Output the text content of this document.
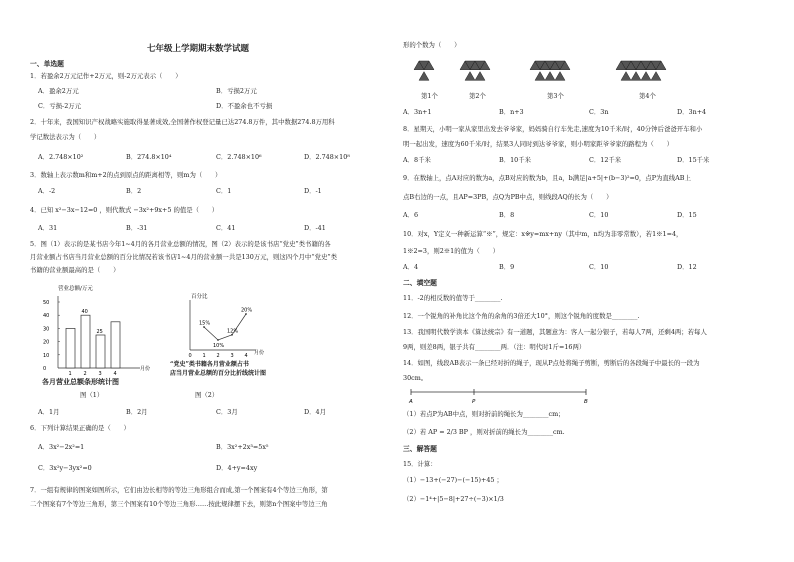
七年级上学期期末数学试题
一、单选题
1．若盈余2万元记作+2万元，则-2万元表示（　　）
A．盈余2万元	B．亏损2万元
C．亏损-2万元	D．不盈余也不亏损
2．十年来，我国知识产权战略实施取得显著成效,全国著作权登记量已达274.8万件，其中数据274.8万用科
学记数法表示为（　　）
A．2.748×10²	B．274.8×10⁴	C．2.748×10⁶	D．2.748×10⁸
3．数轴上表示数m和m+2的点到原点的距离相等，则m为（　　）
A．-2	B．2	C．1	D．-1
4．已知 x²−3x−12=0 ，则代数式 −3x²+9x+5 的值是（　　）
A．31	B．-31	C．41	D．-41
5．图（1）表示的是某书店今年1~4月的各月营业总额的情况，图（2）表示的是该书店“党史”类书籍的各
月营业额占书店当月营业总额的百分比情况若该书店1~4月的营业额一共是130万元，则这四个月中“党史”类
书籍的营业额最高的是（　　）
营业总额/万元
月份
50
40
30
20
10
0
1 2
40
3
25
4
各月营业总额条形统计图
图（1）
百分比
月份
0 1 2 3 4
15%
10%
12%
20%
“党史”类书籍各月营业额占书
店当月营业总额的百分比折线统计图
图（2）
A．1月	B．2月	C．3月	D．4月
6．下列计算结果正确的是（　　）
A．3x²−2x²=1	B．3x²+2x³=5x⁵
C．3x²y−3yx²=0	D．4+y=4xy
7．一组有规律的图案如图所示，它们由边长相等的等边三角形组合而成,第一个图案有4个等边三角形，第
二个图案有7个等边三角形，第三个图案有10个等边三角形……按此规律摆下去，则第n个图案中等边三角
形的个数为（　　）
第1个	第2个	第3个	第4个
A．3n+1	B．n+3	C．3n	D．3n+4
8．星期天，小明一家从家里出发去爷爷家，妈妈骑自行车先走,速度为10千米/时，40分钟后爸爸开车和小
明一起出发，速度为60千米/时，结果3人同时到达爷爷家，则小明家距爷爷家的路程为（　　）
A．8千米	B．10千米	C．12千米	D．15千米
9．在数轴上，点A对应的数为a，点B对应的数为b，且a，b满足|a+5|+(b−3)²=0，点P为直线AB上
点B右边的一点，且AP=3PB，点Q为PB中点，则线段AQ的长为（　　）
A．6	B．8	C．10	D．15
10．对x，Y定义一种新运算“※”，规定：x※y=mx+ny（其中m，n均为非零常数），若1※1=4，
1※2=3，则2※1的值为（　　）
A．4	B．9	C．10	D．12
二、填空题
11．-2的相反数的值等于________.
12．一个锐角的补角比这个角的余角的3倍还大10°，则这个锐角的度数是________.
13．我国明代数学读本《算法统宗》有一道题，其题意为：客人一起分银子，若每人7两，还剩4两；若每人
9两，则差8两，银子共有________两．（注：明代时1斤=16两）
14．如图，线段AB表示一条已经对折的绳子，现从P点处将绳子剪断，剪断后的各段绳子中最长的一段为
30cm。
A	P	B
（1）若点P为AB中点，则对折前的绳长为________cm；
（2）若 AP = 2/3 BP ，则对折前的绳长为________cm.
三、解答题
15．计算：
（1）−13+(−27)−(−15)+45 ；
（2）−1⁴+|5−8|+27÷(−3)×1/3
